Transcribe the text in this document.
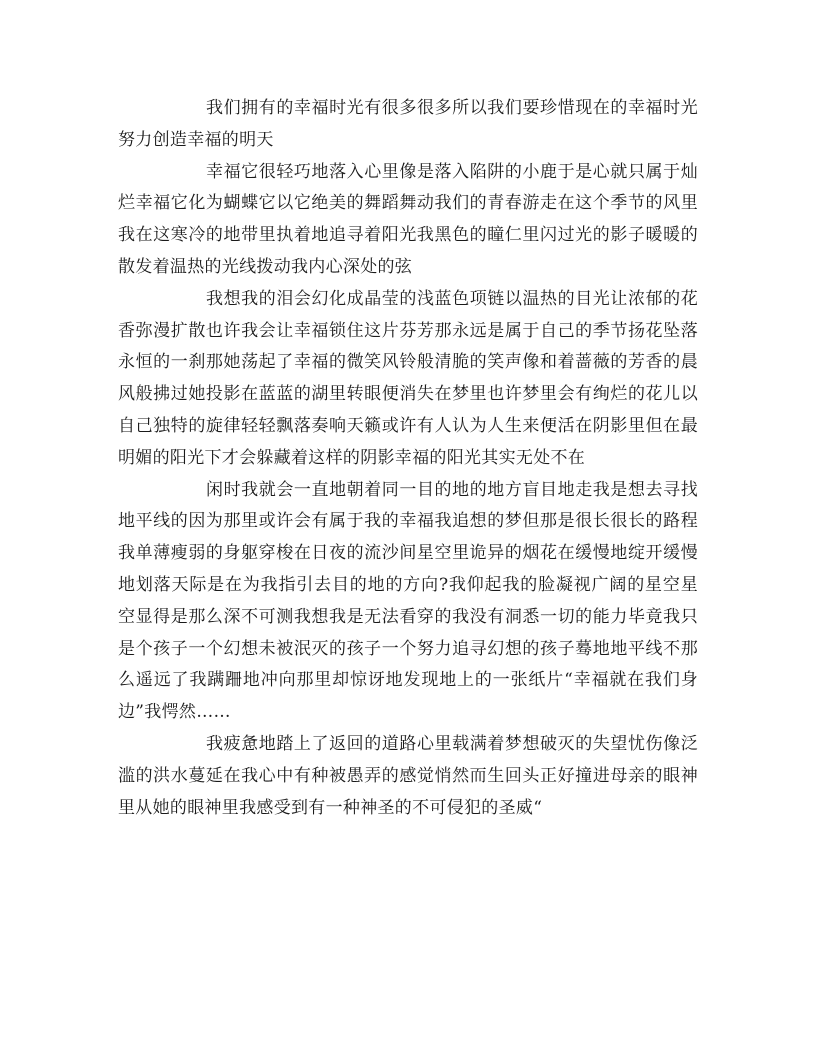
我们拥有的幸福时光有很多很多所以我们要珍惜现在的幸福时光努力创造幸福的明天

幸福它很轻巧地落入心里像是落入陷阱的小鹿于是心就只属于灿烂幸福它化为蝴蝶它以它绝美的舞蹈舞动我们的青春游走在这个季节的风里我在这寒冷的地带里执着地追寻着阳光我黑色的瞳仁里闪过光的影子暖暖的散发着温热的光线拨动我内心深处的弦

我想我的泪会幻化成晶莹的浅蓝色项链以温热的目光让浓郁的花香弥漫扩散也许我会让幸福锁住这片芬芳那永远是属于自己的季节扬花坠落永恒的一刹那她荡起了幸福的微笑风铃般清脆的笑声像和着蔷薇的芳香的晨风般拂过她投影在蓝蓝的湖里转眼便消失在梦里也许梦里会有绚烂的花儿以自己独特的旋律轻轻飘落奏响天籁或许有人认为人生来便活在阴影里但在最明媚的阳光下才会躲藏着这样的阴影幸福的阳光其实无处不在

闲时我就会一直地朝着同一目的地的地方盲目地走我是想去寻找地平线的因为那里或许会有属于我的幸福我追想的梦但那是很长很长的路程我单薄瘦弱的身躯穿梭在日夜的流沙间星空里诡异的烟花在缓慢地绽开缓慢地划落天际是在为我指引去目的地的方向?我仰起我的脸凝视广阔的星空星空显得是那么深不可测我想我是无法看穿的我没有洞悉一切的能力毕竟我只是个孩子一个幻想未被泯灭的孩子一个努力追寻幻想的孩子蓦地地平线不那么遥远了我蹒跚地冲向那里却惊讶地发现地上的一张纸片“幸福就在我们身边”我愕然……

我疲惫地踏上了返回的道路心里载满着梦想破灭的失望忧伤像泛滥的洪水蔓延在我心中有种被愚弄的感觉悄然而生回头正好撞进母亲的眼神里从她的眼神里我感受到有一种神圣的不可侵犯的圣威“
